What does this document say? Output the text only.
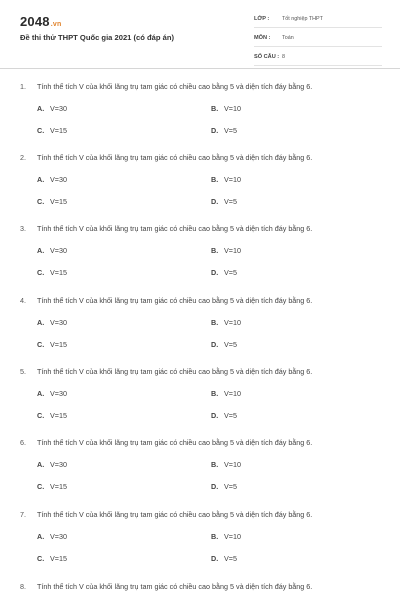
2048.vn
Đề thi thử THPT Quốc gia 2021 (có đáp án)
LỚP :	Tốt nghiệp THPT
MÔN :	Toán
SỐ CÂU : 8
1. Tính thể tích V của khối lăng trụ tam giác có chiều cao bằng 5 và diện tích đáy bằng 6.
A. V=30	B. V=10
C. V=15	D. V=5
2. Tính thể tích V của khối lăng trụ tam giác có chiều cao bằng 5 và diện tích đáy bằng 6.
A. V=30	B. V=10
C. V=15	D. V=5
3. Tính thể tích V của khối lăng trụ tam giác có chiều cao bằng 5 và diện tích đáy bằng 6.
A. V=30	B. V=10
C. V=15	D. V=5
4. Tính thể tích V của khối lăng trụ tam giác có chiều cao bằng 5 và diện tích đáy bằng 6.
A. V=30	B. V=10
C. V=15	D. V=5
5. Tính thể tích V của khối lăng trụ tam giác có chiều cao bằng 5 và diện tích đáy bằng 6.
A. V=30	B. V=10
C. V=15	D. V=5
6. Tính thể tích V của khối lăng trụ tam giác có chiều cao bằng 5 và diện tích đáy bằng 6.
A. V=30	B. V=10
C. V=15	D. V=5
7. Tính thể tích V của khối lăng trụ tam giác có chiều cao bằng 5 và diện tích đáy bằng 6.
A. V=30	B. V=10
C. V=15	D. V=5
8. Tính thể tích V của khối lăng trụ tam giác có chiều cao bằng 5 và diện tích đáy bằng 6.
